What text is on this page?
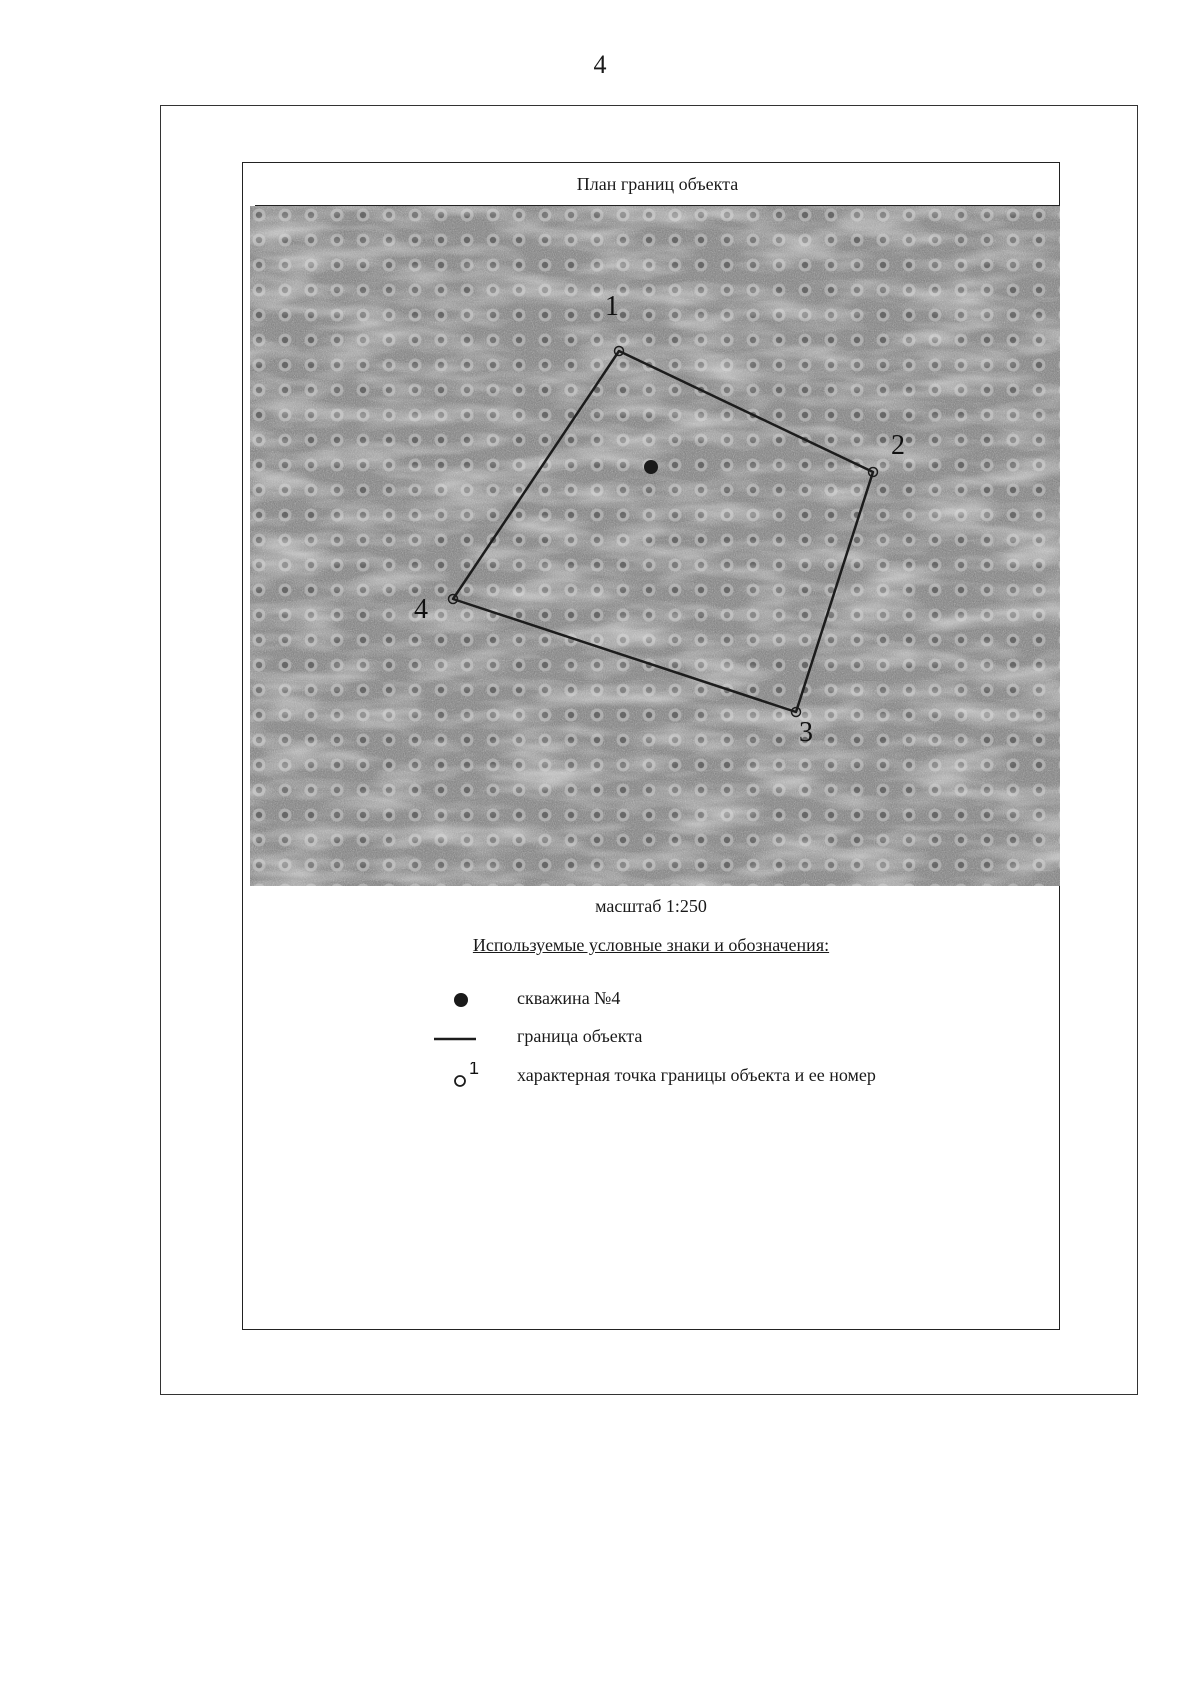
4
План границ объекта
1
2
3
4
масштаб 1:250
Используемые условные знаки и обозначения:
скважина №4
граница объекта
1 характерная точка границы объекта и ее номер
